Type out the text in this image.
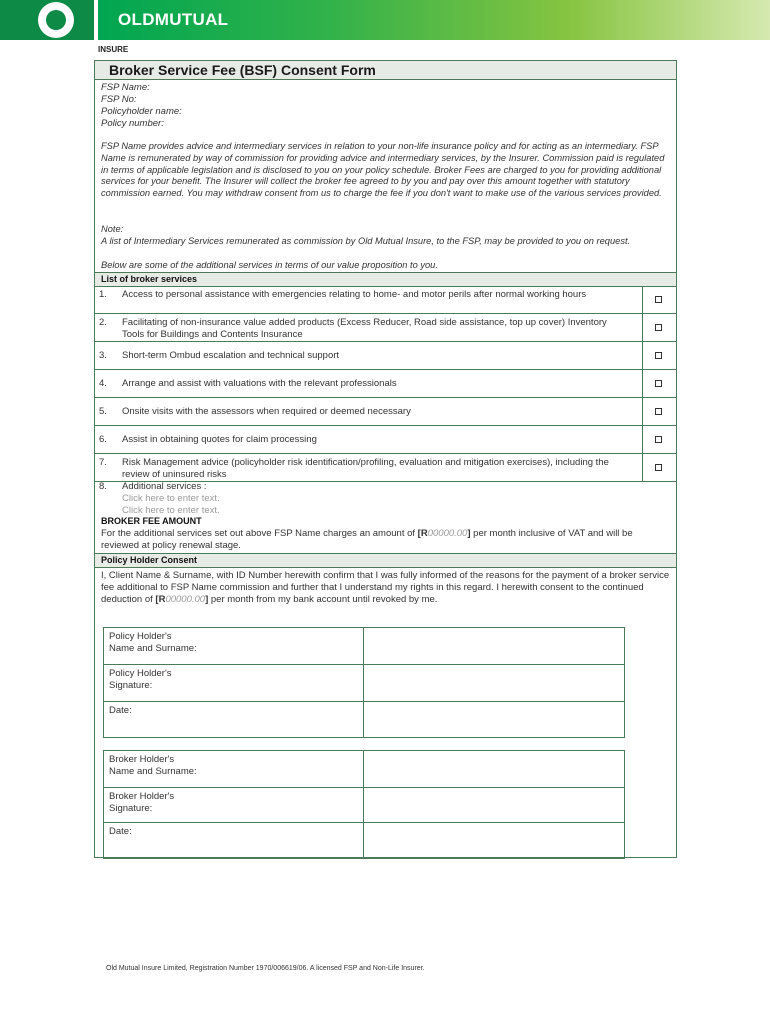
OLDMUTUAL
INSURE
Broker Service Fee (BSF) Consent Form
FSP Name:
FSP No:
Policyholder name:
Policy number:
FSP Name provides advice and intermediary services in relation to your non-life insurance policy and for acting as an intermediary. FSP Name is remunerated by way of commission for providing advice and intermediary services, by the Insurer. Commission paid is regulated in terms of applicable legislation and is disclosed to you on your policy schedule. Broker Fees are charged to you for providing additional services for your benefit. The Insurer will collect the broker fee agreed to by you and pay over this amount together with statutory commission earned. You may withdraw consent from us to charge the fee if you don't want to make use of the various services provided.
Note:
A list of Intermediary Services remunerated as commission by Old Mutual Insure, to the FSP, may be provided to you on request.
Below are some of the additional services in terms of our value proposition to you.
List of broker services
1. Access to personal assistance with emergencies relating to home- and motor perils after normal working hours
2. Facilitating of non-insurance value added products (Excess Reducer, Road side assistance, top up cover) Inventory Tools for Buildings and Contents Insurance
3. Short-term Ombud escalation and technical support
4. Arrange and assist with valuations with the relevant professionals
5. Onsite visits with the assessors when required or deemed necessary
6. Assist in obtaining quotes for claim processing
7. Risk Management advice (policyholder risk identification/profiling, evaluation and mitigation exercises), including the review of uninsured risks
8. Additional services :
Click here to enter text.
Click here to enter text.
BROKER FEE AMOUNT
For the additional services set out above FSP Name charges an amount of [R00000.00] per month inclusive of VAT and will be reviewed at policy renewal stage.
Policy Holder Consent
I, Client Name & Surname, with ID Number herewith confirm that I was fully informed of the reasons for the payment of a broker service fee additional to FSP Name commission and further that I understand my rights in this regard. I herewith consent to the continued deduction of [R00000.00] per month from my bank account until revoked by me.
Policy Holder's
Name and Surname:
Policy Holder's
Signature:
Date:
Broker Holder's
Name and Surname:
Broker Holder's
Signature:
Date:
Old Mutual Insure Limited, Registration Number 1970/006619/06. A licensed FSP and Non-Life Insurer.
